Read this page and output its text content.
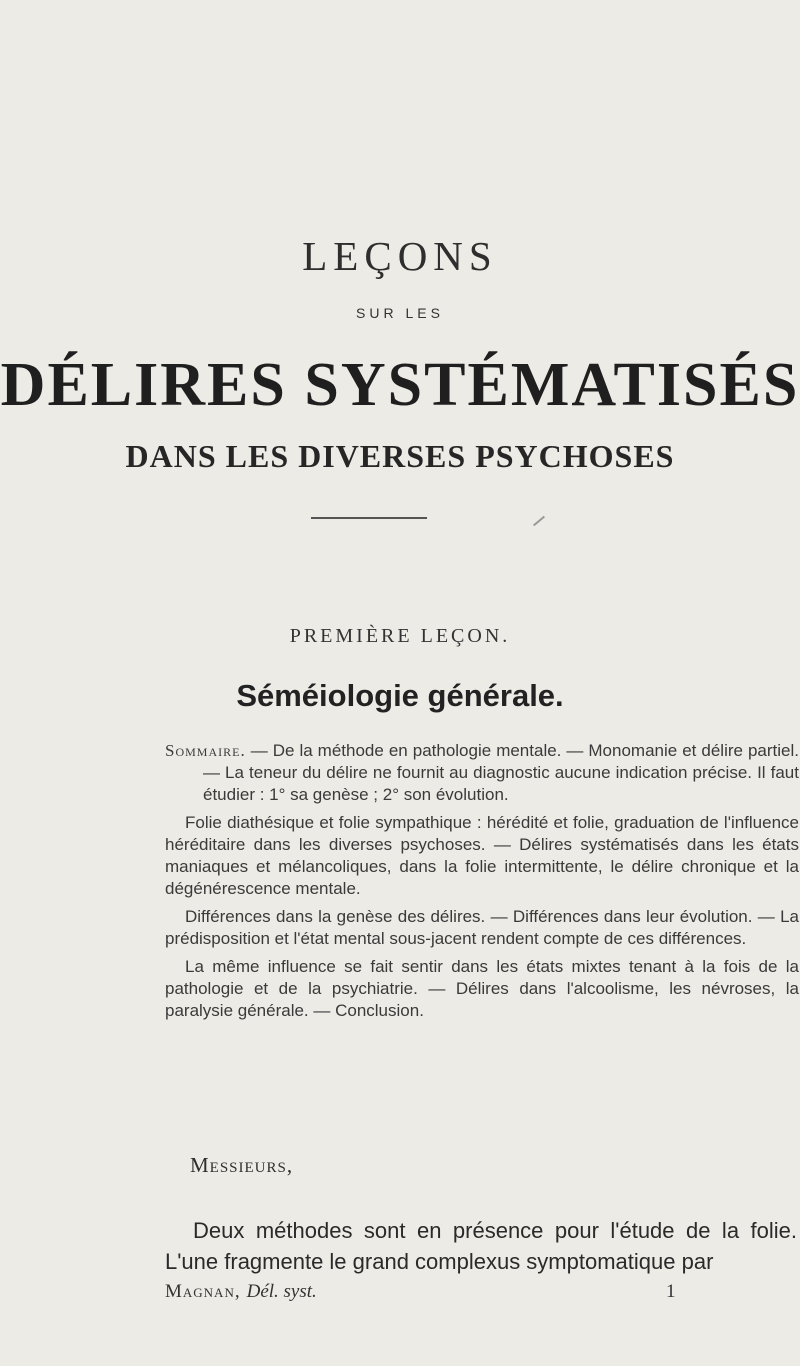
LEÇONS
SUR LES
DÉLIRES SYSTÉMATISÉS
DANS LES DIVERSES PSYCHOSES
PREMIÈRE LEÇON.
Séméiologie générale.

Sommaire. — De la méthode en pathologie mentale. — Monomanie et délire partiel. — La teneur du délire ne fournit au diagnostic aucune indication précise. Il faut étudier : 1° sa genèse ; 2° son évolution.

Folie diathésique et folie sympathique : hérédité et folie, graduation de l'influence héréditaire dans les diverses psychoses. — Délires systématisés dans les états maniaques et mélancoliques, dans la folie intermittente, le délire chronique et la dégénérescence mentale.

Différences dans la genèse des délires. — Différences dans leur évolution. — La prédisposition et l'état mental sous-jacent rendent compte de ces différences.

La même influence se fait sentir dans les états mixtes tenant à la fois de la pathologie et de la psychiatrie. — Délires dans l'alcoolisme, les névroses, la paralysie générale. — Conclusion.

Messieurs,

Deux méthodes sont en présence pour l'étude de la folie. L'une fragmente le grand complexus symptomatique par

Magnan, Dél. syst.	1
